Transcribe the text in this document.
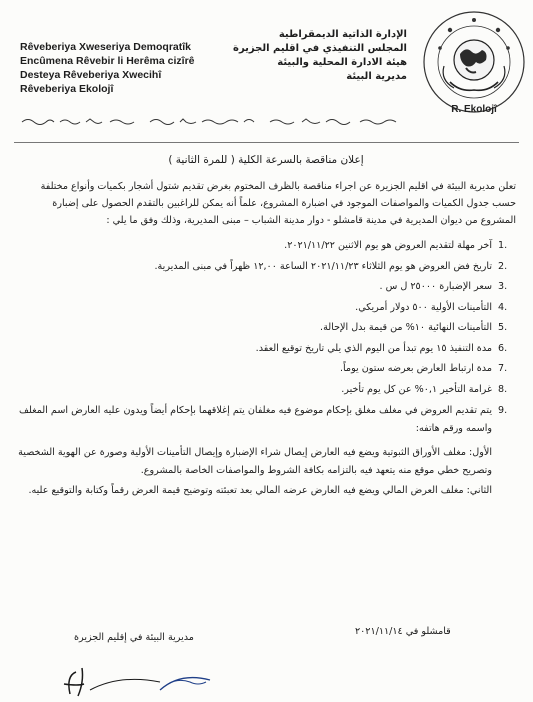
Rêveberiya Xweseriya Demoqratîk
Encûmena Rêvebir li Herêma cizîrê
Desteya Rêveberiya Xwecihî
Rêveberiya Ekolojî
الإدارة الذاتية الديمقراطية
المجلس التنفيذي في اقليم الجزيرة
هيئة الادارة المحلية والبيئة
مديرية البيئة
R. Ekolojî
إعلان مناقصة بالسرعة الكلية ( للمرة الثانية )

تعلن مديرية البيئة في اقليم الجزيرة عن اجراء مناقصة بالظرف المختوم بغرض تقديم شتول أشجار بكميات وأنواع مختلفة حسب جدول الكميات والمواصفات الموجود في اضبارة المشروع، علماً أنه يمكن للراغبين بالتقدم الحصول على إضبارة المشروع من ديوان المديرية في مدينة قامشلو - دوار مدينة الشباب – مبنى المديرية، وذلك وفق ما يلي :

1.
آخر مهلة لتقديم العروض هو يوم الاثنين ٢٠٢١/١١/٢٢.
2.
تاريخ فض العروض هو يوم الثلاثاء ٢٠٢١/١١/٢٣ الساعة ١٢,٠٠ ظهراً في مبنى المديرية.
3.
سعر الإضبارة ٢٥٠٠٠ ل س .
4.
التأمينات الأولية ٥٠٠ دولار أمريكي.
5.
التأمينات النهائية ١٠% من قيمة بدل الإحالة.
6.
مدة التنفيذ ١٥ يوم تبدأ من اليوم الذي يلي تاريخ توقيع العقد.
7.
مدة ارتباط العارض بعرضه ستون يوماً.
8.
غرامة التأخير ٠,١% عن كل يوم تأخير.
9.
يتم تقديم العروض في مغلف مغلق بإحكام موضوع فيه مغلفان يتم إغلاقهما بإحكام أيضاً ويدون عليه العارض اسم المغلف واسمه ورقم هاتفه:

الأول: مغلف الأوراق الثبوتية ويضع فيه العارض إيصال شراء الإضبارة وإيصال التأمينات الأولية وصورة عن الهوية الشخصية وتصريح خطي موقع منه يتعهد فيه بالتزامه بكافة الشروط والمواصفات الخاصة بالمشروع.

الثاني: مغلف العرض المالي ويضع فيه العارض عرضه المالي بعد تعبئته وتوضيح قيمة العرض رقماً وكتابة والتوقيع عليه.

قامشلو في ٢٠٢١/١١/١٤
مديرية البيئة في إقليم الجزيرة
